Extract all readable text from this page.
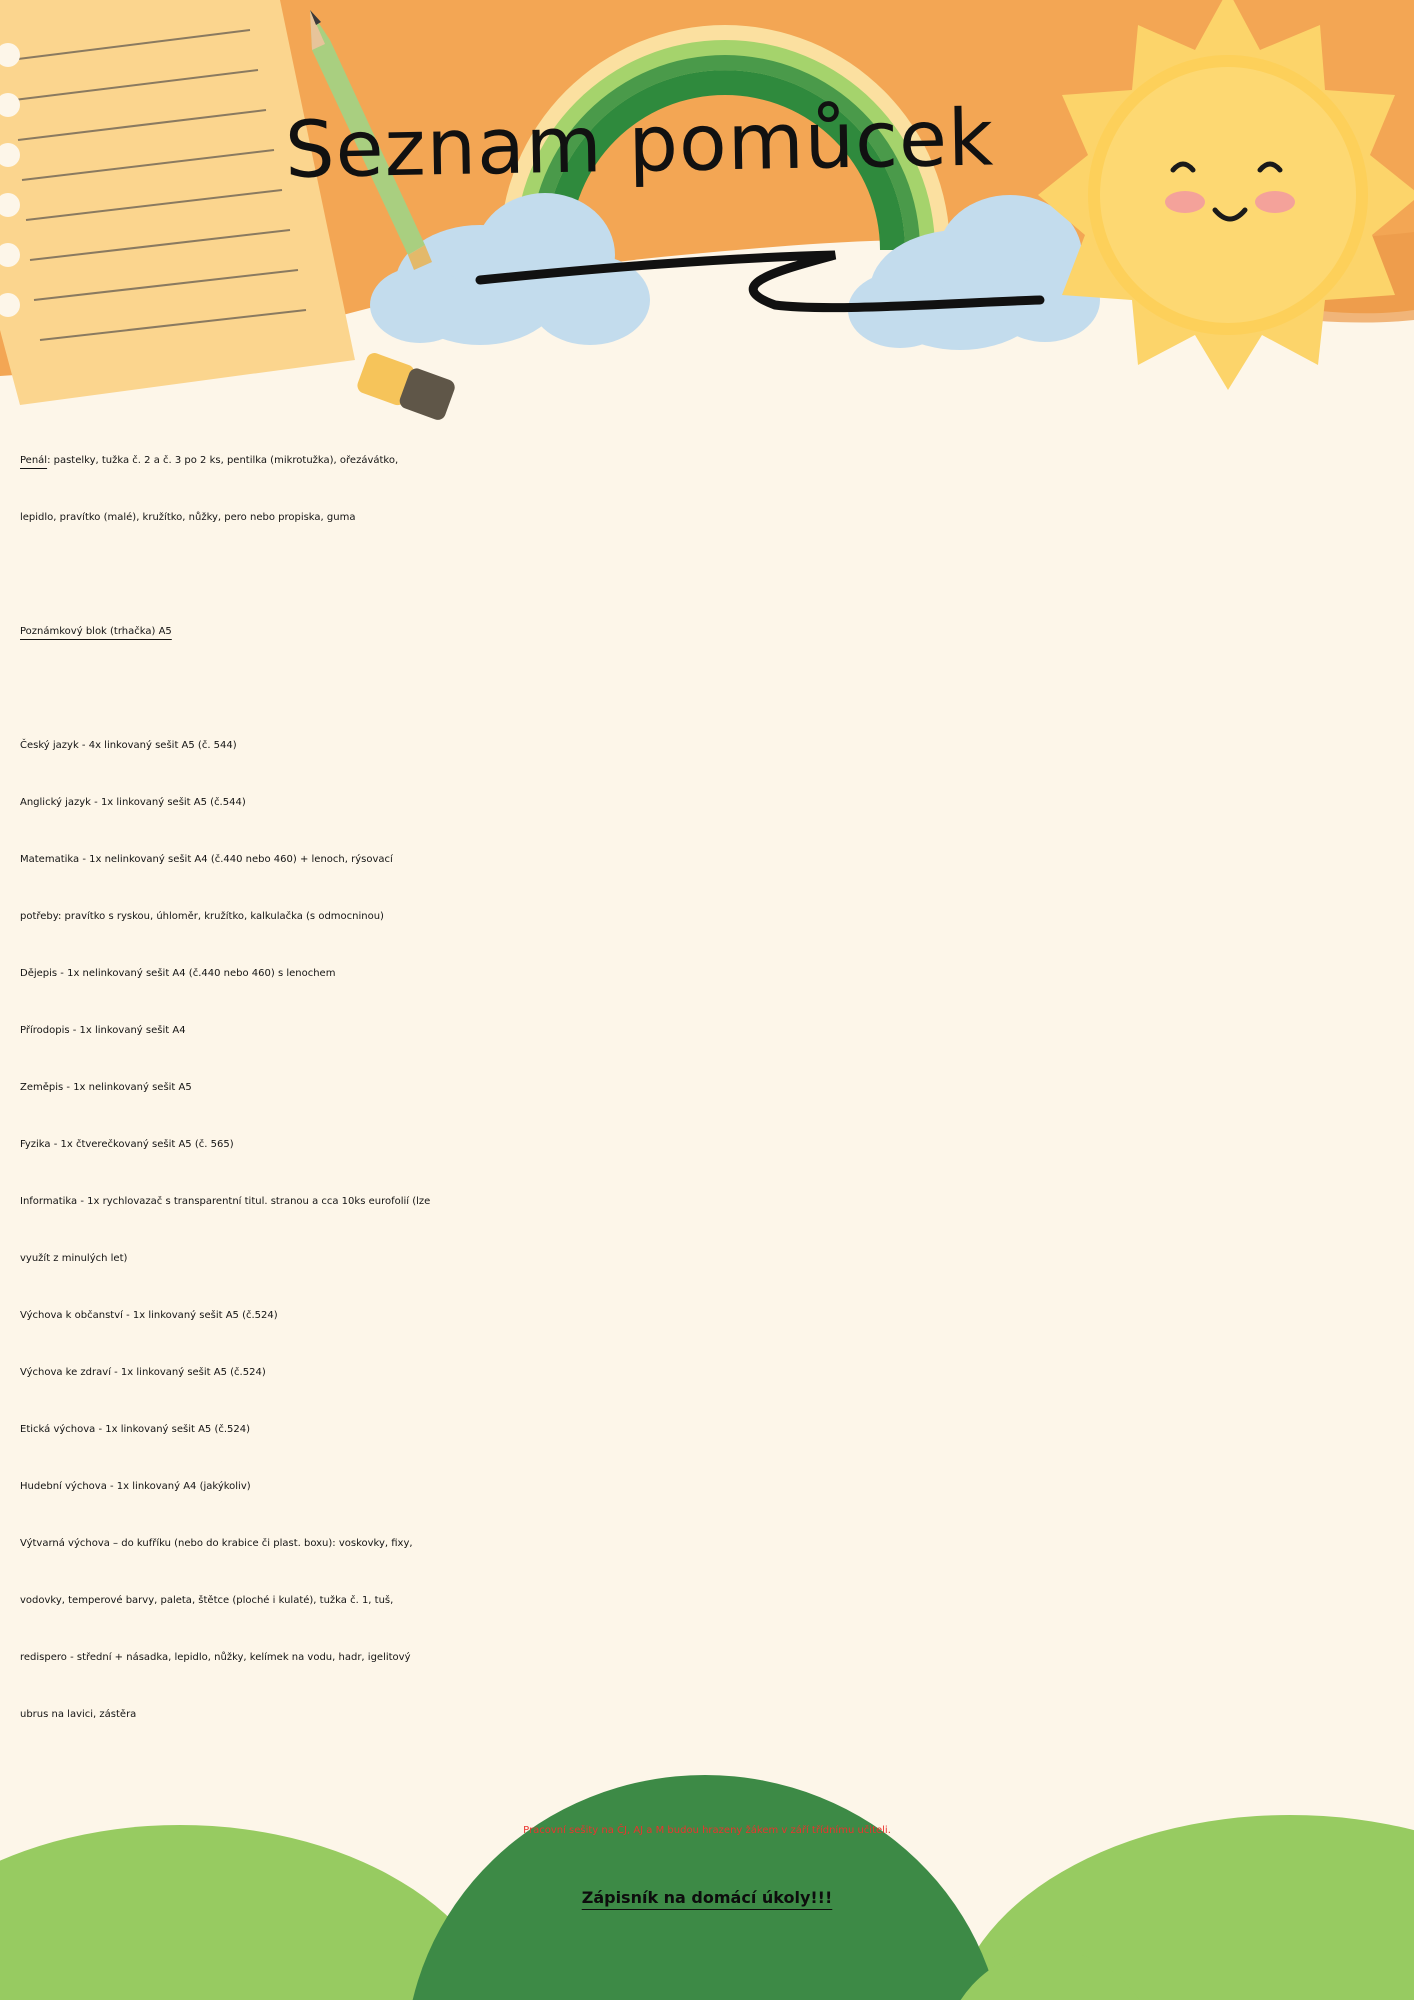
Seznam pomůcek
Penál: pastelky, tužka č. 2 a č. 3 po 2 ks, pentilka (mikrotužka), ořezávátko,
lepidlo, pravítko (malé), kružítko, nůžky, pero nebo propiska, guma
Poznámkový blok (trhačka) A5
Český jazyk - 4x linkovaný sešit A5 (č. 544)
Anglický jazyk - 1x linkovaný sešit A5 (č.544)
Matematika - 1x nelinkovaný sešit A4 (č.440 nebo 460) + lenoch, rýsovací
potřeby: pravítko s ryskou, úhloměr, kružítko, kalkulačka (s odmocninou)
Dějepis - 1x nelinkovaný sešit A4 (č.440 nebo 460) s lenochem
Přírodopis - 1x linkovaný sešit A4
Zeměpis - 1x nelinkovaný sešit A5
Fyzika - 1x čtverečkovaný sešit A5 (č. 565)
Informatika - 1x rychlovazač s transparentní titul. stranou a cca 10ks eurofolií (lze
využít z minulých let)
Výchova k občanství - 1x linkovaný sešit A5 (č.524)
Výchova ke zdraví - 1x linkovaný sešit A5 (č.524)
Etická výchova - 1x linkovaný sešit A5 (č.524)
Hudební výchova - 1x linkovaný A4 (jakýkoliv)
Výtvarná výchova – do kufříku (nebo do krabice či plast. boxu): voskovky, fixy,
vodovky, temperové barvy, paleta, štětce (ploché i kulaté), tužka č. 1, tuš,
redispero - střední + násadka, lepidlo, nůžky, kelímek na vodu, hadr, igelitový
ubrus na lavici, zástěra
Pracovní sešity na ČJ, AJ a M budou hrazeny žákem v září třídnímu učiteli.
Zápisník na domácí úkoly!!!
